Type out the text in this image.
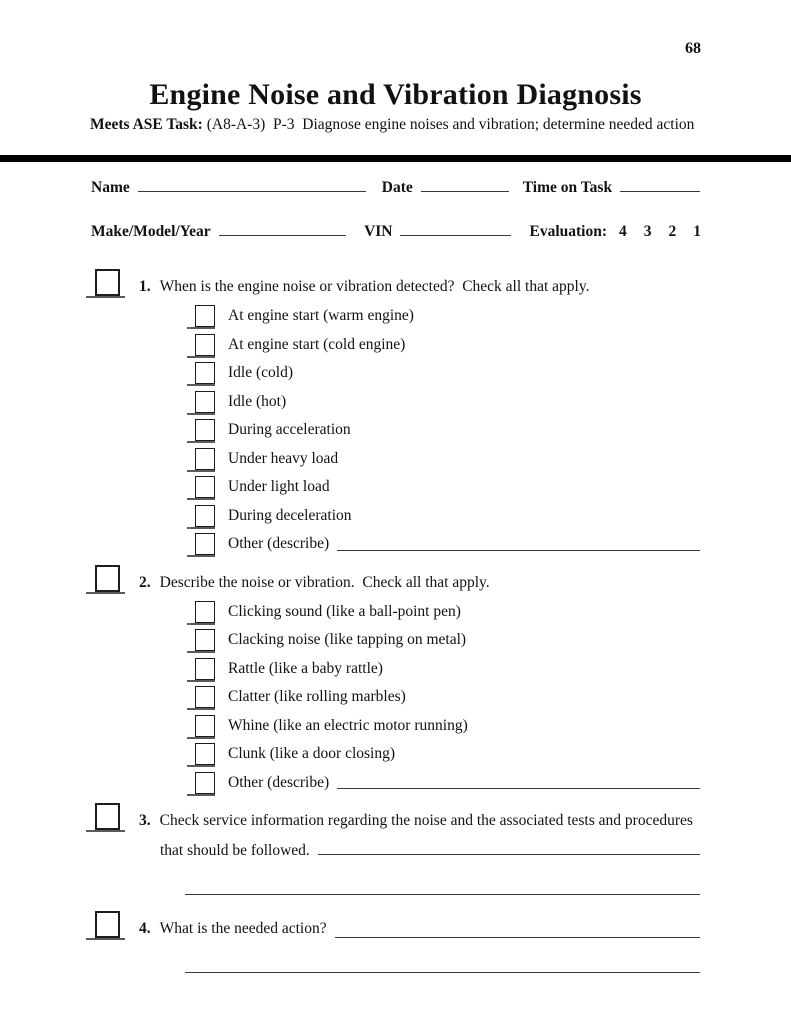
68
Engine Noise and Vibration Diagnosis
Meets ASE Task: (A8-A-3)  P-3  Diagnose engine noises and vibration; determine needed action
Name	Date	Time on Task
Make/Model/Year	VIN	Evaluation: 4 3 2 1
1. When is the engine noise or vibration detected?  Check all that apply.
At engine start (warm engine)
At engine start (cold engine)
Idle (cold)
Idle (hot)
During acceleration
Under heavy load
Under light load
During deceleration
Other (describe)
2. Describe the noise or vibration.  Check all that apply.
Clicking sound (like a ball-point pen)
Clacking noise (like tapping on metal)
Rattle (like a baby rattle)
Clatter (like rolling marbles)
Whine (like an electric motor running)
Clunk (like a door closing)
Other (describe)
3. Check service information regarding the noise and the associated tests and procedures
that should be followed.
4. What is the needed action?
